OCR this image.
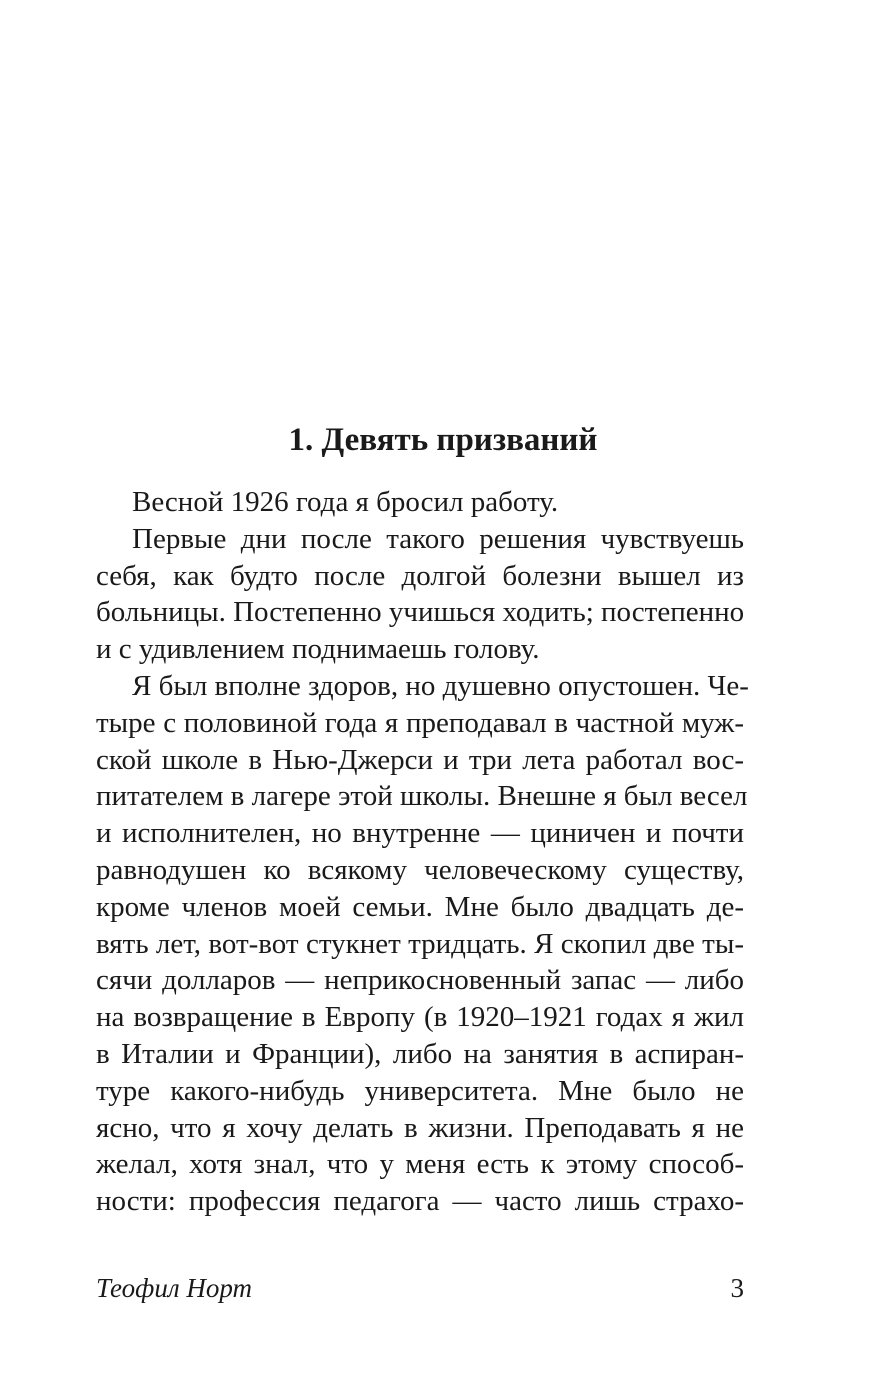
1. Девять призваний
Весной 1926 года я бросил работу.
Первые дни после такого решения чувствуешь
себя, как будто после долгой болезни вышел из
больницы. Постепенно учишься ходить; постепенно
и с удивлением поднимаешь голову.
Я был вполне здоров, но душевно опустошен. Че-
тыре с половиной года я преподавал в частной муж-
ской школе в Нью-Джерси и три лета работал вос-
питателем в лагере этой школы. Внешне я был весел
и исполнителен, но внутренне — циничен и почти
равнодушен ко всякому человеческому существу,
кроме членов моей семьи. Мне было двадцать де-
вять лет, вот-вот стукнет тридцать. Я скопил две ты-
сячи долларов — неприкосновенный запас — либо
на возвращение в Европу (в 1920–1921 годах я жил
в Италии и Франции), либо на занятия в аспиран-
туре какого-нибудь университета. Мне было не
ясно, что я хочу делать в жизни. Преподавать я не
желал, хотя знал, что у меня есть к этому способ-
ности: профессия педагога — часто лишь страхо-
Теофил Норт	3
